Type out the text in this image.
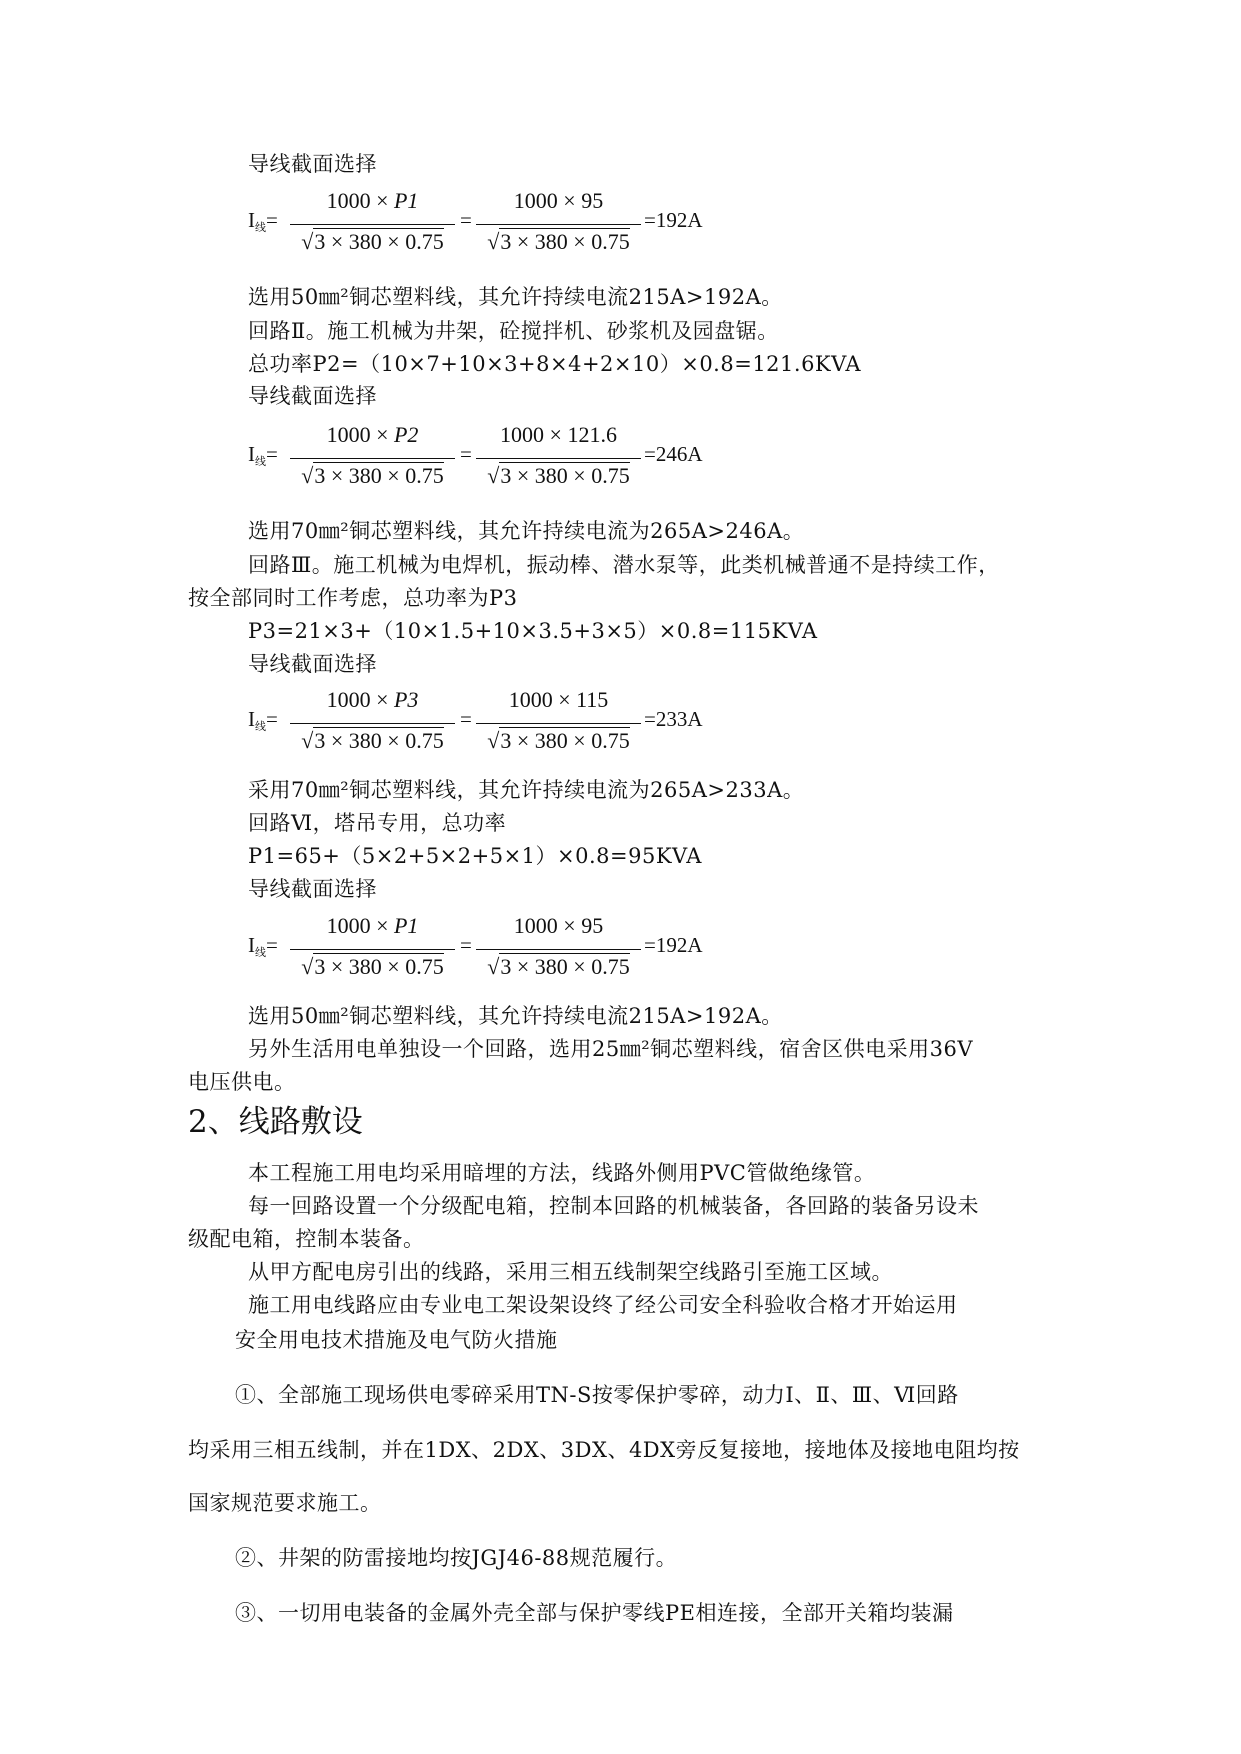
导线截面选择
$I_线=$
1000 × P1
√3 × 380 × 0.75
=
1000 × 95
√3 × 380 × 0.75
=192A
选用50㎜²铜芯塑料线，其允许持续电流215A>192A。
回路Ⅱ。施工机械为井架，砼搅拌机、砂浆机及园盘锯。
总功率P2=（10×7+10×3+8×4+2×10）×0.8=121.6KVA
导线截面选择
$I_线=$
1000 × P2
√3 × 380 × 0.75
=
1000 × 121.6
√3 × 380 × 0.75
=246A
选用70㎜²铜芯塑料线，其允许持续电流为265A>246A。
回路Ⅲ。施工机械为电焊机，振动棒、潜水泵等，此类机械普通不是持续工作，
按全部同时工作考虑，总功率为P3
P3=21×3+（10×1.5+10×3.5+3×5）×0.8=115KVA
导线截面选择
$I_线=$
1000 × P3
√3 × 380 × 0.75
=
1000 × 115
√3 × 380 × 0.75
=233A
采用70㎜²铜芯塑料线，其允许持续电流为265A>233A。
回路Ⅵ，塔吊专用，总功率
P1=65+（5×2+5×2+5×1）×0.8=95KVA
导线截面选择
$I_线=$
1000 × P1
√3 × 380 × 0.75
=
1000 × 95
√3 × 380 × 0.75
=192A
选用50㎜²铜芯塑料线，其允许持续电流215A>192A。
另外生活用电单独设一个回路，选用25㎜²铜芯塑料线，宿舍区供电采用36V
电压供电。
2、线路敷设
本工程施工用电均采用暗埋的方法，线路外侧用PVC管做绝缘管。
每一回路设置一个分级配电箱，控制本回路的机械装备，各回路的装备另设未
级配电箱，控制本装备。
从甲方配电房引出的线路，采用三相五线制架空线路引至施工区域。
施工用电线路应由专业电工架设架设终了经公司安全科验收合格才开始运用
安全用电技术措施及电气防火措施
①、全部施工现场供电零碎采用TN-S按零保护零碎，动力Ⅰ、Ⅱ、Ⅲ、Ⅵ回路
均采用三相五线制，并在1DX、2DX、3DX、4DX旁反复接地，接地体及接地电阻均按
国家规范要求施工。
②、井架的防雷接地均按JGJ46-88规范履行。
③、一切用电装备的金属外壳全部与保护零线PE相连接，全部开关箱均装漏
